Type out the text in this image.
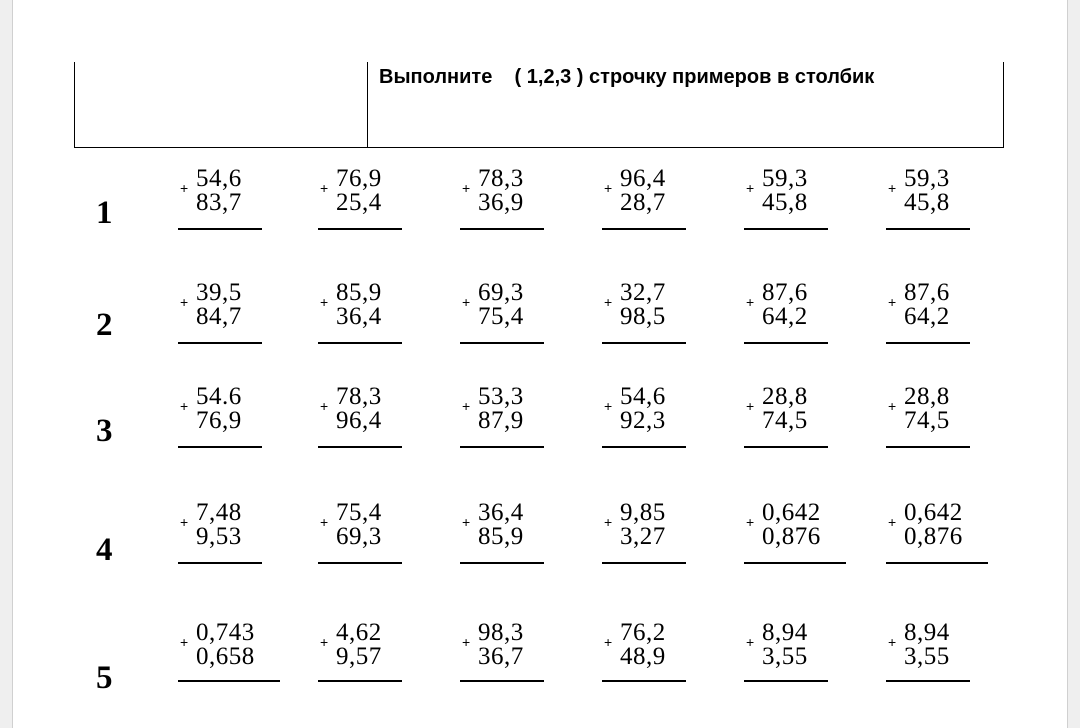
Выполните    ( 1,2,3 ) строчку примеров в столбик
1
+ 54,6
83,7
+ 76,9
25,4
+ 78,3
36,9
+ 96,4
28,7
+ 59,3
45,8
+ 59,3
45,8
2
+ 39,5
84,7
+ 85,9
36,4
+ 69,3
75,4
+ 32,7
98,5
+ 87,6
64,2
+ 87,6
64,2
3
+ 54.6
76,9
+ 78,3
96,4
+ 53,3
87,9
+ 54,6
92,3
+ 28,8
74,5
+ 28,8
74,5
4
+ 7,48
9,53
+ 75,4
69,3
+ 36,4
85,9
+ 9,85
3,27
+ 0,642
0,876
+ 0,642
0,876
5
+ 0,743
0,658
+ 4,62
9,57
+ 98,3
36,7
+ 76,2
48,9
+ 8,94
3,55
+ 8,94
3,55
